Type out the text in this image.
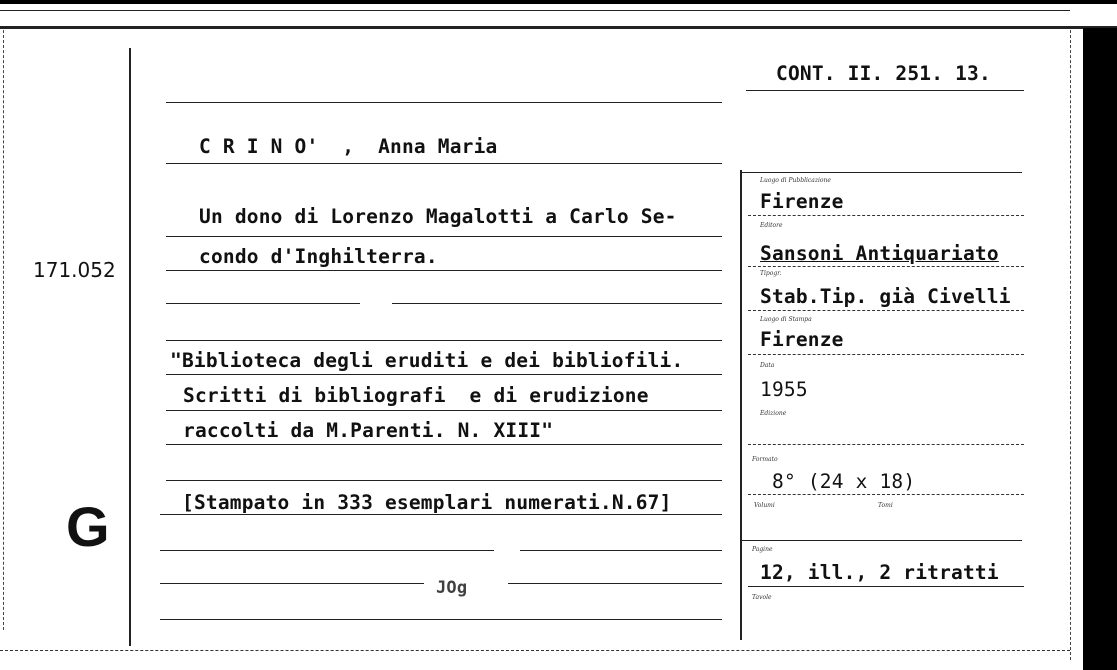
171.052
G
CONT. II. 251. 13.
C R I N O'  ,  Anna Maria
Un dono di Lorenzo Magalotti a Carlo Se-
condo d'Inghilterra.
"Biblioteca degli eruditi e dei bibliofili.
Scritti di bibliografi  e di erudizione
raccolti da M.Parenti. N. XIII"
[Stampato in 333 esemplari numerati.N.67]
JOg
Luogo di Pubblicazione
Firenze
Editore
Sansoni Antiquariato
Tipogr.
Stab.Tip. già Civelli
Luogo di Stampa
Firenze
Data
1955
Edizione
Formato
8° (24 x 18)
Volumi	Tomi
Pagine
12, ill., 2 ritratti
Tavole
